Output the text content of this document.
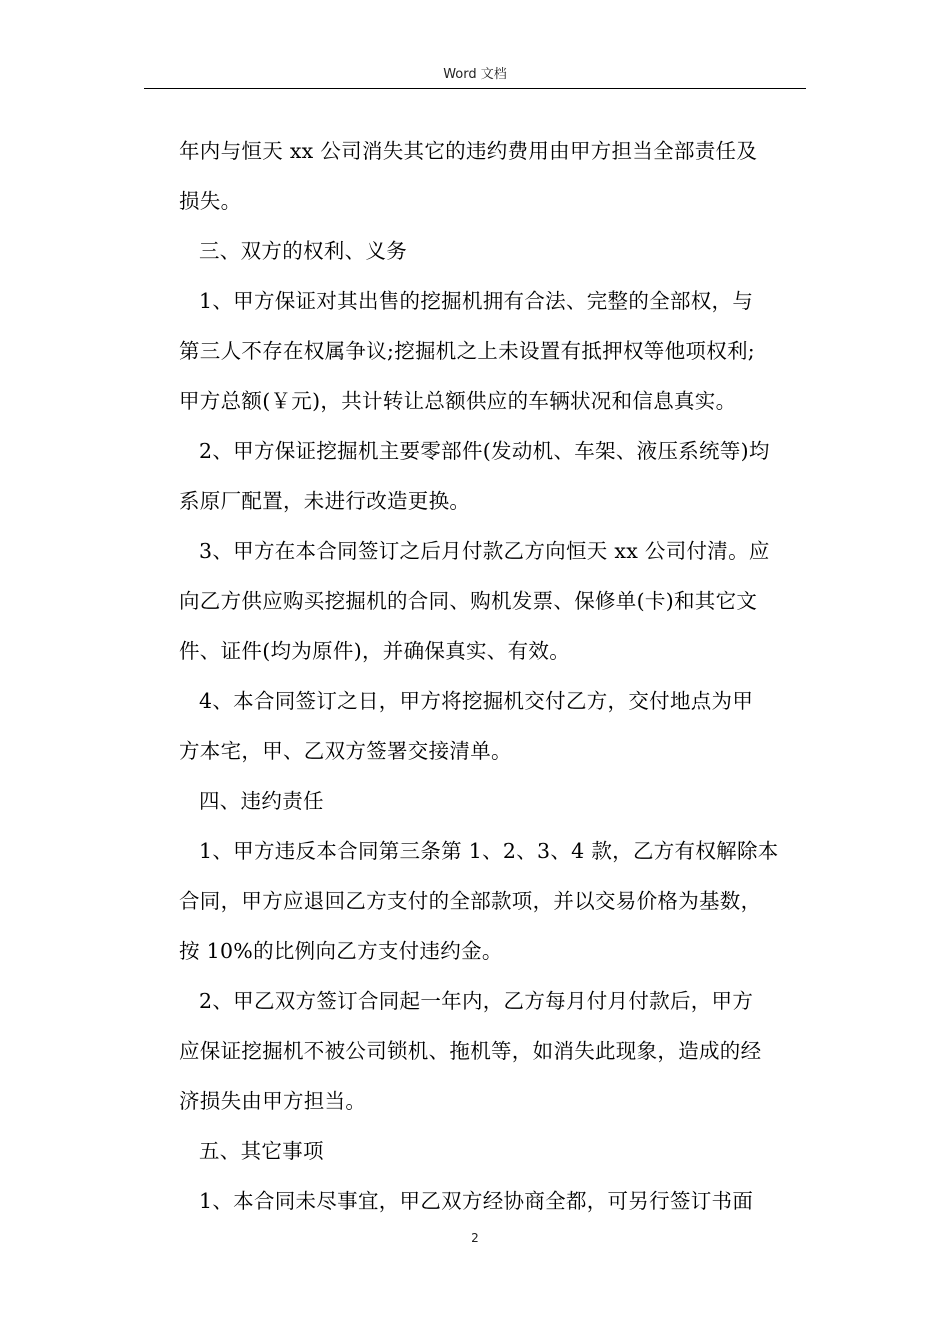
Word 文档
年内与恒天 xx 公司消失其它的违约费用由甲方担当全部责任及
损失。
三、双方的权利、义务
1、甲方保证对其出售的挖掘机拥有合法、完整的全部权，与
第三人不存在权属争议;挖掘机之上未设置有抵押权等他项权利;
甲方总额(￥元)，共计转让总额供应的车辆状况和信息真实。
2、甲方保证挖掘机主要零部件(发动机、车架、液压系统等)均
系原厂配置，未进行改造更换。
3、甲方在本合同签订之后月付款乙方向恒天 xx 公司付清。应
向乙方供应购买挖掘机的合同、购机发票、保修单(卡)和其它文
件、证件(均为原件)，并确保真实、有效。
4、本合同签订之日，甲方将挖掘机交付乙方，交付地点为甲
方本宅，甲、乙双方签署交接清单。
四、违约责任
1、甲方违反本合同第三条第 1、2、3、4 款，乙方有权解除本
合同，甲方应退回乙方支付的全部款项，并以交易价格为基数，
按 10%的比例向乙方支付违约金。
2、甲乙双方签订合同起一年内，乙方每月付月付款后，甲方
应保证挖掘机不被公司锁机、拖机等，如消失此现象，造成的经
济损失由甲方担当。
五、其它事项
1、本合同未尽事宜，甲乙双方经协商全都，可另行签订书面
2
